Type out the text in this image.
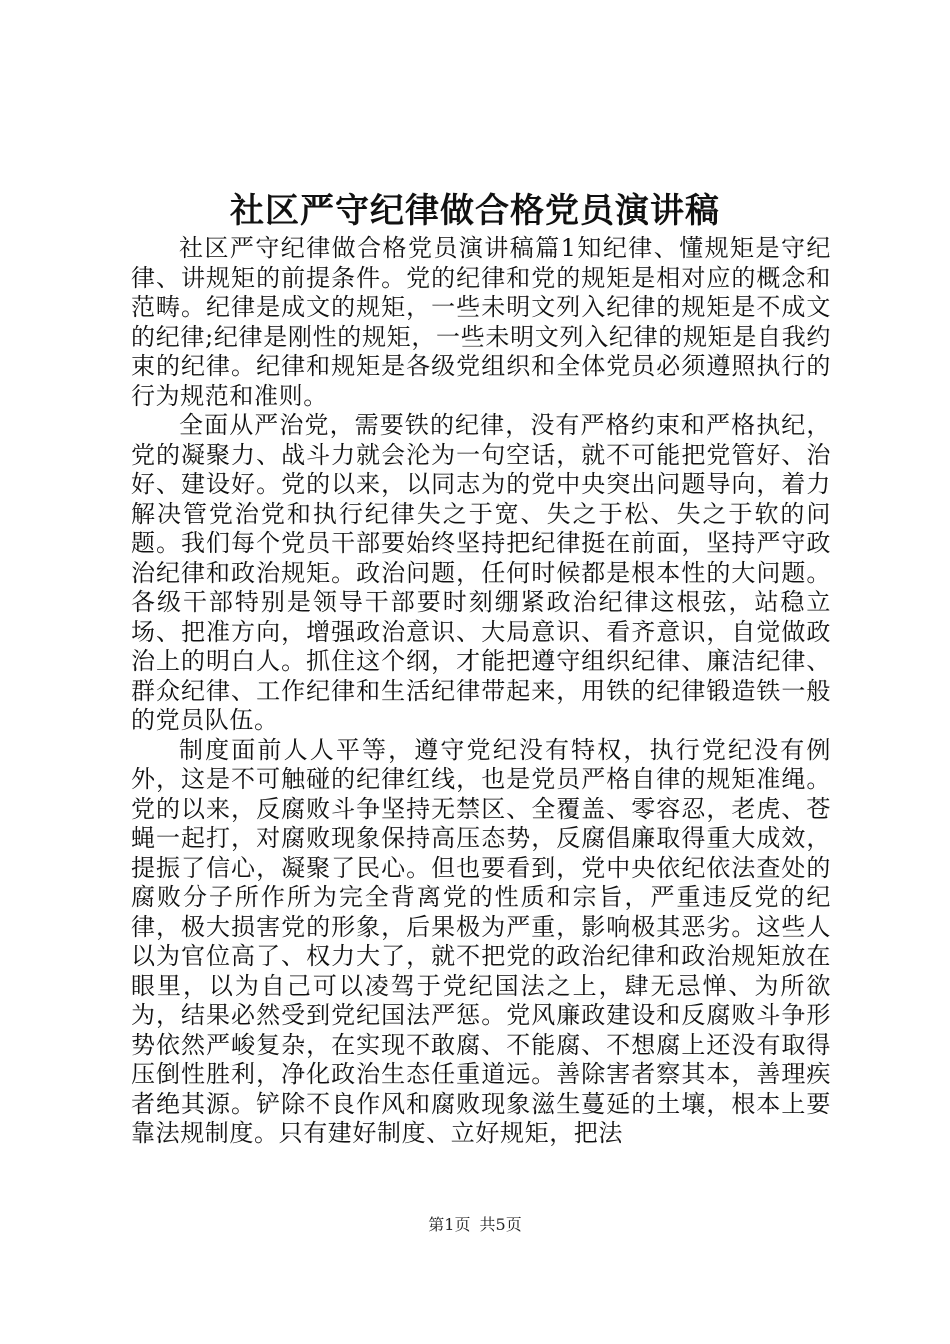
社区严守纪律做合格党员演讲稿

社区严守纪律做合格党员演讲稿篇1知纪律、懂规矩是守纪律、讲规矩的前提条件。党的纪律和党的规矩是相对应的概念和范畴。纪律是成文的规矩，一些未明文列入纪律的规矩是不成文的纪律;纪律是刚性的规矩，一些未明文列入纪律的规矩是自我约束的纪律。纪律和规矩是各级党组织和全体党员必须遵照执行的行为规范和准则。

全面从严治党，需要铁的纪律，没有严格约束和严格执纪，党的凝聚力、战斗力就会沦为一句空话，就不可能把党管好、治好、建设好。党的以来，以同志为的党中央突出问题导向，着力解决管党治党和执行纪律失之于宽、失之于松、失之于软的问题。我们每个党员干部要始终坚持把纪律挺在前面，坚持严守政治纪律和政治规矩。政治问题，任何时候都是根本性的大问题。各级干部特别是领导干部要时刻绷紧政治纪律这根弦，站稳立场、把准方向，增强政治意识、大局意识、看齐意识，自觉做政治上的明白人。抓住这个纲，才能把遵守组织纪律、廉洁纪律、群众纪律、工作纪律和生活纪律带起来，用铁的纪律锻造铁一般的党员队伍。

制度面前人人平等，遵守党纪没有特权，执行党纪没有例外，这是不可触碰的纪律红线，也是党员严格自律的规矩准绳。党的以来，反腐败斗争坚持无禁区、全覆盖、零容忍，老虎、苍蝇一起打，对腐败现象保持高压态势，反腐倡廉取得重大成效，提振了信心，凝聚了民心。但也要看到，党中央依纪依法查处的腐败分子所作所为完全背离党的性质和宗旨，严重违反党的纪律，极大损害党的形象，后果极为严重，影响极其恶劣。这些人以为官位高了、权力大了，就不把党的政治纪律和政治规矩放在眼里，以为自己可以凌驾于党纪国法之上，肆无忌惮、为所欲为，结果必然受到党纪国法严惩。党风廉政建设和反腐败斗争形势依然严峻复杂，在实现不敢腐、不能腐、不想腐上还没有取得压倒性胜利，净化政治生态任重道远。善除害者察其本，善理疾者绝其源。铲除不良作风和腐败现象滋生蔓延的土壤，根本上要靠法规制度。只有建好制度、立好规矩，把法

第1页 共5页
